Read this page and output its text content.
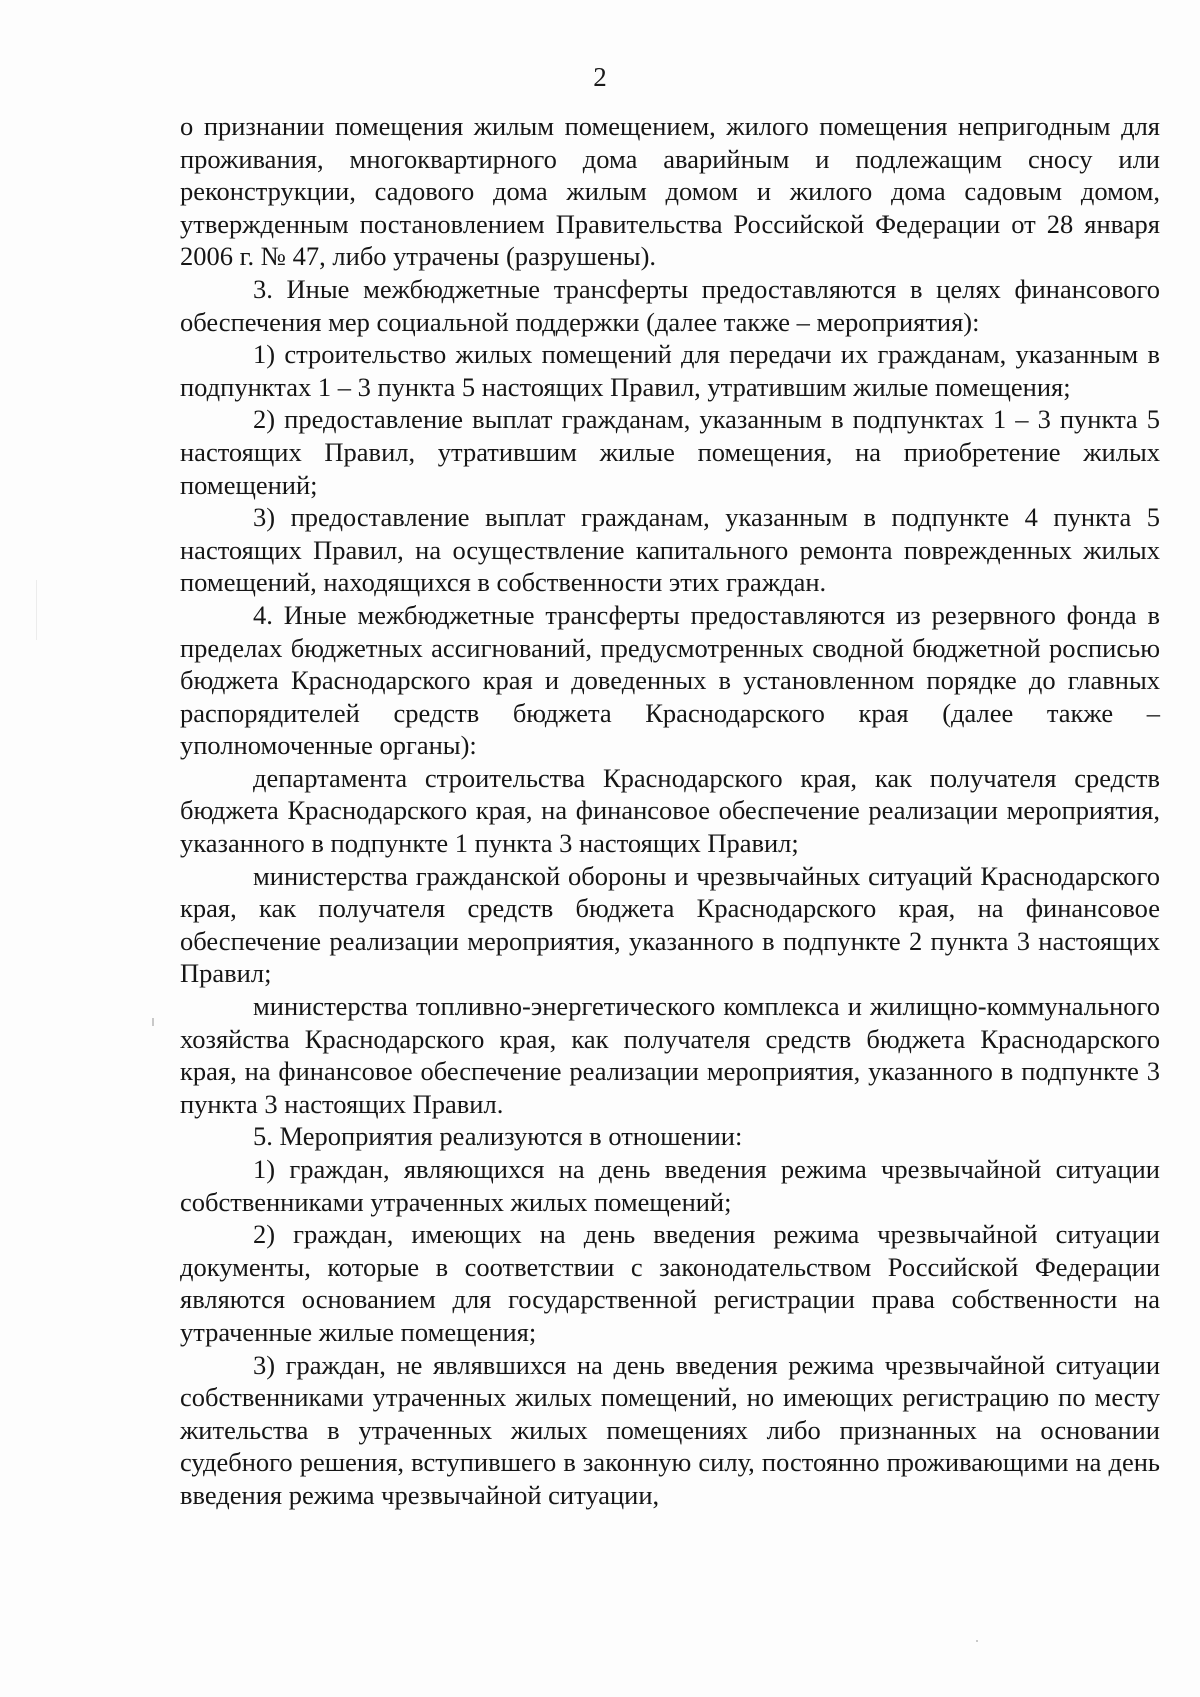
2

о признании помещения жилым помещением, жилого помещения непригодным для проживания, многоквартирного дома аварийным и подлежащим сносу или реконструкции, садового дома жилым домом и жилого дома садовым домом, утвержденным постановлением Правительства Российской Федерации от 28 января 2006 г. № 47, либо утрачены (разрушены).

3. Иные межбюджетные трансферты предоставляются в целях финансового обеспечения мер социальной поддержки (далее также – мероприятия):

1) строительство жилых помещений для передачи их гражданам, указанным в подпунктах 1 – 3 пункта 5 настоящих Правил, утратившим жилые помещения;

2) предоставление выплат гражданам, указанным в подпунктах 1 – 3 пункта 5 настоящих Правил, утратившим жилые помещения, на приобретение жилых помещений;

3) предоставление выплат гражданам, указанным в подпункте 4 пункта 5 настоящих Правил, на осуществление капитального ремонта поврежденных жилых помещений, находящихся в собственности этих граждан.

4. Иные межбюджетные трансферты предоставляются из резервного фонда в пределах бюджетных ассигнований, предусмотренных сводной бюджетной росписью бюджета Краснодарского края и доведенных в установленном порядке до главных распорядителей средств бюджета Краснодарского края (далее также – уполномоченные органы):

департамента строительства Краснодарского края, как получателя средств бюджета Краснодарского края, на финансовое обеспечение реализации мероприятия, указанного в подпункте 1 пункта 3 настоящих Правил;

министерства гражданской обороны и чрезвычайных ситуаций Краснодарского края, как получателя средств бюджета Краснодарского края, на финансовое обеспечение реализации мероприятия, указанного в подпункте 2 пункта 3 настоящих Правил;

министерства топливно-энергетического комплекса и жилищно-коммунального хозяйства Краснодарского края, как получателя средств бюджета Краснодарского края, на финансовое обеспечение реализации мероприятия, указанного в подпункте 3 пункта 3 настоящих Правил.

5. Мероприятия реализуются в отношении:

1) граждан, являющихся на день введения режима чрезвычайной ситуации собственниками утраченных жилых помещений;

2) граждан, имеющих на день введения режима чрезвычайной ситуации документы, которые в соответствии с законодательством Российской Федерации являются основанием для государственной регистрации права собственности на утраченные жилые помещения;

3) граждан, не являвшихся на день введения режима чрезвычайной ситуации собственниками утраченных жилых помещений, но имеющих регистрацию по месту жительства в утраченных жилых помещениях либо признанных на основании судебного решения, вступившего в законную силу, постоянно проживающими на день введения режима чрезвычайной ситуации,
